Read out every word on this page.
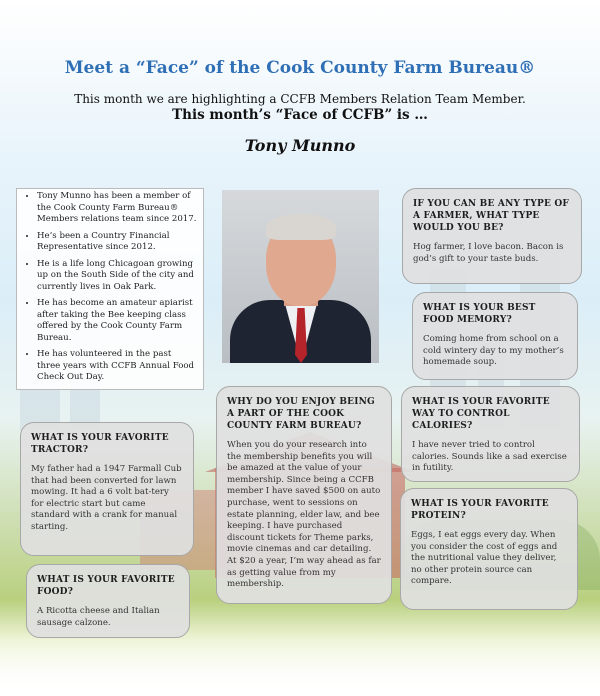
Meet a “Face” of the Cook County Farm Bureau®

This month we are highlighting a CCFB Members Relation Team Member.

This month’s “Face of CCFB” is …

Tony Munno

• Tony Munno has been a member of the Cook County Farm Bureau® Members relations team since 2017.
• He’s been a Country Financial Representative since 2012.
• He is a life long Chicagoan growing up on the South Side of the city and currently lives in Oak Park.
• He has become an amateur apiarist after taking the Bee keeping class offered by the Cook County Farm Bureau.
• He has volunteered in the past three years with CCFB Annual Food Check Out Day.

IF YOU CAN BE ANY TYPE OF A FARMER, WHAT TYPE WOULD YOU BE?

Hog farmer, I love bacon. Bacon is god’s gift to your taste buds.

WHAT IS YOUR BEST FOOD MEMORY?

Coming home from school on a cold wintery day to my mother’s homemade soup.

WHAT IS YOUR FAVORITE WAY TO CONTROL CALORIES?

I have never tried to control calories. Sounds like a sad exercise in futility.

WHAT IS YOUR FAVORITE PROTEIN?

Eggs, I eat eggs every day. When you consider the cost of eggs and the nutritional value they deliver, no other protein source can compare.

WHY DO YOU ENJOY BEING A PART OF THE COOK COUNTY FARM BUREAU?

When you do your research into the membership benefits you will be amazed at the value of your membership. Since being a CCFB member I have saved $500 on auto purchase, went to sessions on estate planning, elder law, and bee keeping. I have purchased discount tickets for Theme parks, movie cinemas and car detailing. At $20 a year, I’m way ahead as far as getting value from my membership.

WHAT IS YOUR FAVORITE TRACTOR?

My father had a 1947 Farmall Cub that had been converted for lawn mowing. It had a 6 volt bat-tery for electric start but came standard with a crank for manual starting.

WHAT IS YOUR FAVORITE FOOD?

A Ricotta cheese and Italian sausage calzone.
